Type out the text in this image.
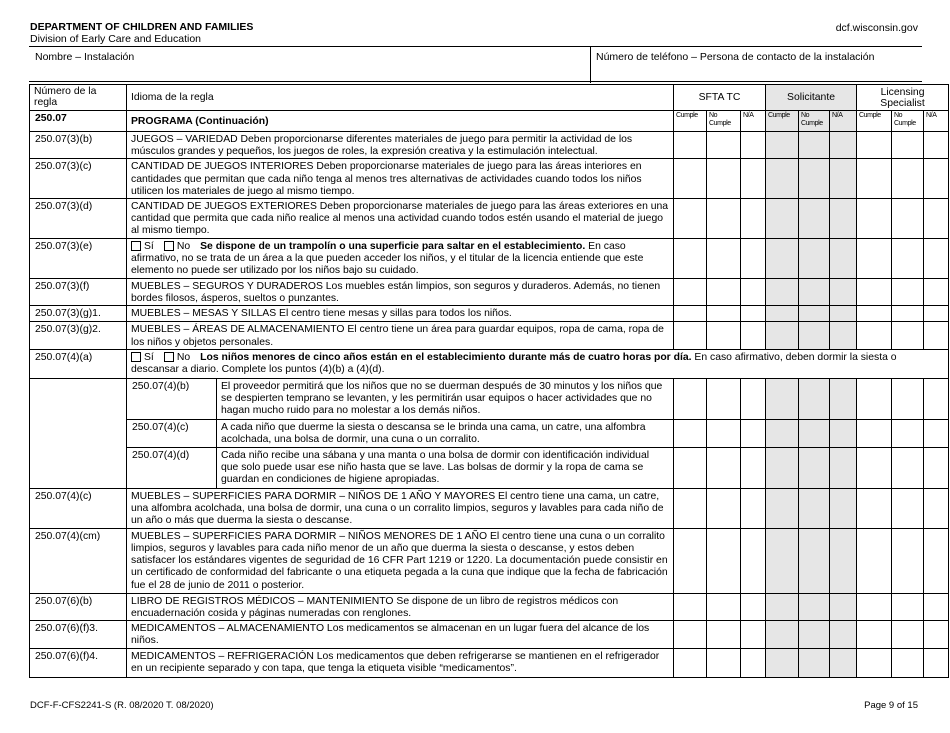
DEPARTMENT OF CHILDREN AND FAMILIES
Division of Early Care and Education
dcf.wisconsin.gov
Nombre – Instalación	Número de teléfono – Persona de contacto de la instalación
Número de la regla	Idioma de la regla	SFTA TC	Solicitante	Licensing Specialist
250.07	PROGRAMA (Continuación)	Cumple	No Cumple	N/A	Cumple	No Cumple	N/A	Cumple	No Cumple	N/A
250.07(3)(b)	JUEGOS – VARIEDAD Deben proporcionarse diferentes materiales de juego para permitir la actividad de los músculos grandes y pequeños, los juegos de roles, la expresión creativa y la estimulación intelectual.									
250.07(3)(c)	CANTIDAD DE JUEGOS INTERIORES Deben proporcionarse materiales de juego para las áreas interiores en cantidades que permitan que cada niño tenga al menos tres alternativas de actividades cuando todos los niños utilicen los materiales de juego al mismo tiempo.									
250.07(3)(d)	CANTIDAD DE JUEGOS EXTERIORES Deben proporcionarse materiales de juego para las áreas exteriores en una cantidad que permita que cada niño realice al menos una actividad cuando todos estén usando el material de juego al mismo tiempo.									
250.07(3)(e)	Sí No Se dispone de un trampolín o una superficie para saltar en el establecimiento. En caso afirmativo, no se trata de un área a la que pueden acceder los niños, y el titular de la licencia entiende que este elemento no puede ser utilizado por los niños bajo su cuidado.									
250.07(3)(f)	MUEBLES – SEGUROS Y DURADEROS Los muebles están limpios, son seguros y duraderos. Además, no tienen bordes filosos, ásperos, sueltos o punzantes.									
250.07(3)(g)1.	MUEBLES – MESAS Y SILLAS El centro tiene mesas y sillas para todos los niños.									
250.07(3)(g)2.	MUEBLES – ÁREAS DE ALMACENAMIENTO El centro tiene un área para guardar equipos, ropa de cama, ropa de los niños y objetos personales.									
250.07(4)(a)	Sí No Los niños menores de cinco años están en el establecimiento durante más de cuatro horas por día. En caso afirmativo, deben dormir la siesta o descansar a diario. Complete los puntos (4)(b) a (4)(d).

250.07(4)(b)	El proveedor permitirá que los niños que no se duerman después de 30 minutos y los niños que se despierten temprano se levanten, y les permitirán usar equipos o hacer actividades que no hagan mucho ruido para no molestar a los demás niños.

250.07(4)(c)	A cada niño que duerme la siesta o descansa se le brinda una cama, un catre, una alfombra acolchada, una bolsa de dormir, una cuna o un corralito.

250.07(4)(d)	Cada niño recibe una sábana y una manta o una bolsa de dormir con identificación individual que solo puede usar ese niño hasta que se lave. Las bolsas de dormir y la ropa de cama se guardan en condiciones de higiene apropiadas.

250.07(4)(c)	MUEBLES – SUPERFICIES PARA DORMIR – NIÑOS DE 1 AÑO Y MAYORES El centro tiene una cama, un catre, una alfombra acolchada, una bolsa de dormir, una cuna o un corralito limpios, seguros y lavables para cada niño de un año o más que duerma la siesta o descanse.									
250.07(4)(cm)	MUEBLES – SUPERFICIES PARA DORMIR – NIÑOS MENORES DE 1 AÑO El centro tiene una cuna o un corralito limpios, seguros y lavables para cada niño menor de un año que duerma la siesta o descanse, y estos deben satisfacer los estándares vigentes de seguridad de 16 CFR Part 1219 or 1220. La documentación puede consistir en un certificado de conformidad del fabricante o una etiqueta pegada a la cuna que indique que la fecha de fabricación fue el 28 de junio de 2011 o posterior.									
250.07(6)(b)	LIBRO DE REGISTROS MÉDICOS – MANTENIMIENTO Se dispone de un libro de registros médicos con encuadernación cosida y páginas numeradas con renglones.									
250.07(6)(f)3.	MEDICAMENTOS – ALMACENAMIENTO Los medicamentos se almacenan en un lugar fuera del alcance de los niños.									
250.07(6)(f)4.	MEDICAMENTOS – REFRIGERACIÓN Los medicamentos que deben refrigerarse se mantienen en el refrigerador en un recipiente separado y con tapa, que tenga la etiqueta visible “medicamentos”.									
DCF-F-CFS2241-S (R. 08/2020 T. 08/2020)	Page 9 of 15
